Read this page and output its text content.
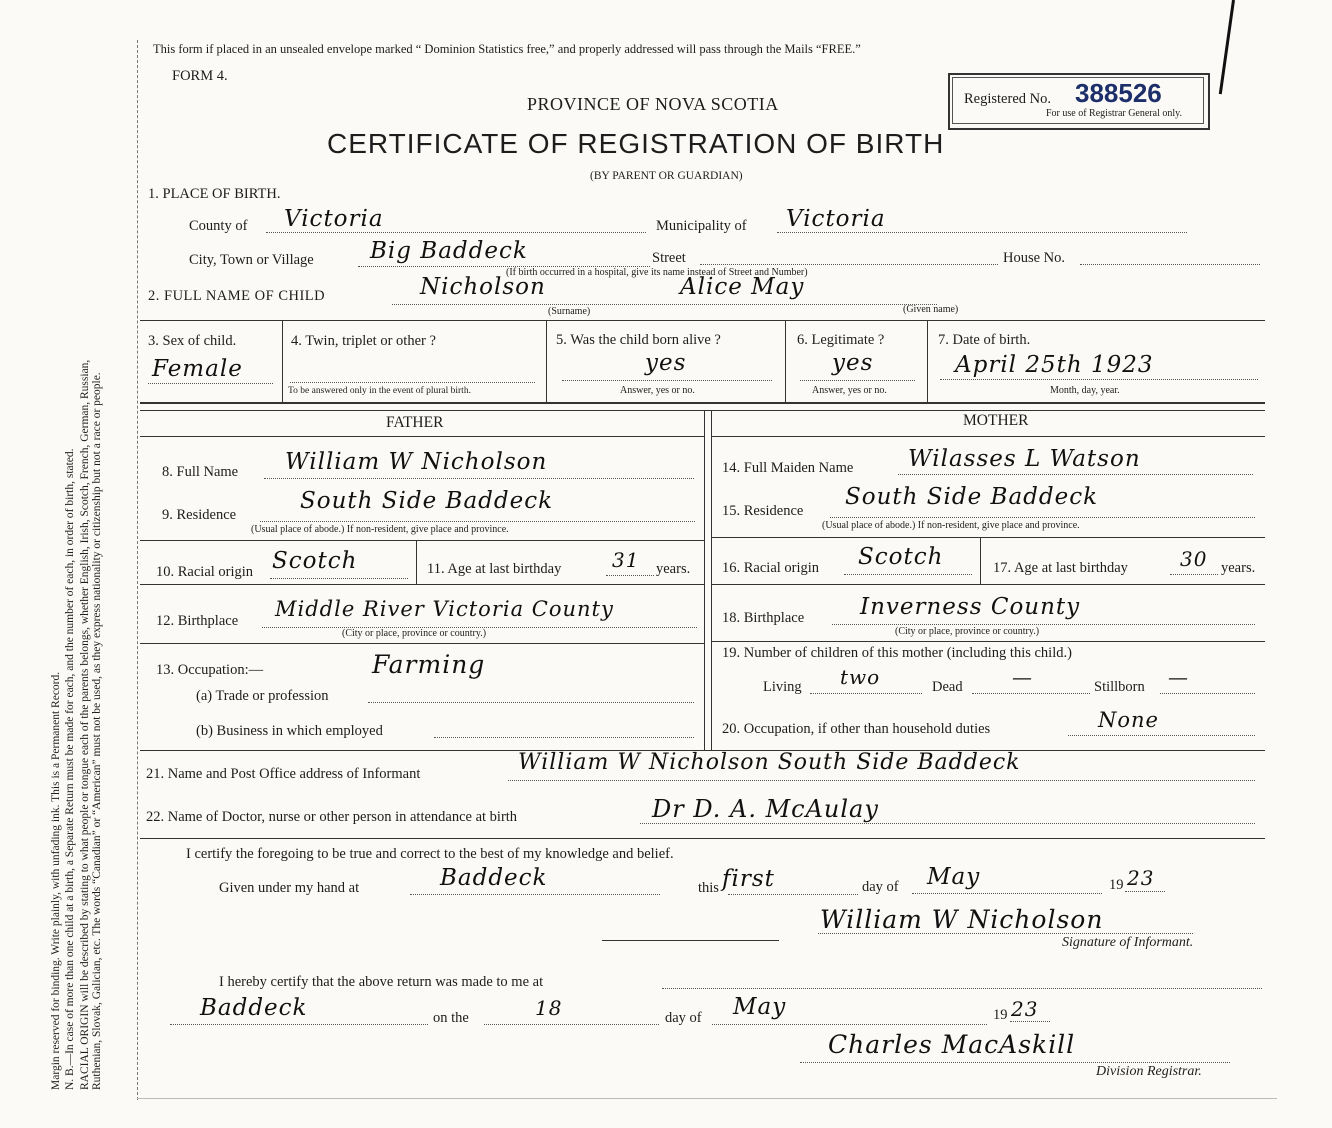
Margin reserved for binding. Write plainly, with unfading ink. This is a Permanent Record. N. B.—In case of more than one child at a birth, a Separate Return must be made for each, and the number of each, in order of birth, stated. RACIAL ORIGIN will be described by stating to what people or tongue each of the parents belongs, whether English, Irish, Scotch, French, German, Russian, Ruthenian, Slovak, Galician, etc. The words “Canadian” or “American” must not be used, as they express nationality or citizenship but not a race or people.
This form if placed in an unsealed envelope marked “ Dominion Statistics free,” and properly addressed will pass through the Mails “FREE.”
FORM 4.
PROVINCE OF NOVA SCOTIA
CERTIFICATE OF REGISTRATION OF BIRTH
(BY PARENT OR GUARDIAN)
Registered No. 388526
For use of Registrar General only.
1. PLACE OF BIRTH.
County of Victoria	Municipality of Victoria
City, Town or Village Big Baddeck	Street	House No.
(If birth occurred in a hospital, give its name instead of Street and Number)
2. FULL NAME OF CHILD	Nicholson	Alice May
(Surname)	(Given name)
3. Sex of child.
Female
4. Twin, triplet or other ?
To be answered only in the event of plural birth.
5. Was the child born alive ?
yes
Answer, yes or no.
6. Legitimate ?
yes
Answer, yes or no.
7. Date of birth.
April 25th 1923
Month, day, year.
FATHER	MOTHER
8. Full Name William W Nicholson
9. Residence
South Side Baddeck
(Usual place of abode.) If non-resident, give place and province.
10. Racial origin Scotch	11. Age at last birthday	31 years.
12. Birthplace Middle River Victoria County
(City or place, province or country.)
13. Occupation:—	Farming
(a) Trade or profession
(b) Business in which employed
14. Full Maiden Name Wilasses L Watson
15. Residence
South Side Baddeck
(Usual place of abode.) If non-resident, give place and province.
16. Racial origin Scotch	17. Age at last birthday	30 years.
18. Birthplace Inverness County
(City or place, province or country.)
19. Number of children of this mother (including this child.)
Living two	Dead —	Stillborn —
20. Occupation, if other than household duties	None
21. Name and Post Office address of Informant	William W Nicholson South Side Baddeck
22. Name of Doctor, nurse or other person in attendance at birth	Dr D. A. McAulay
I certify the foregoing to be true and correct to the best of my knowledge and belief.
Given under my hand at	Baddeck	this first	day of May	19 23
William W Nicholson
Signature of Informant.
I hereby certify that the above return was made to me at
Baddeck	on the	18	day of May	19 23
Charles MacAskill
Division Registrar.
